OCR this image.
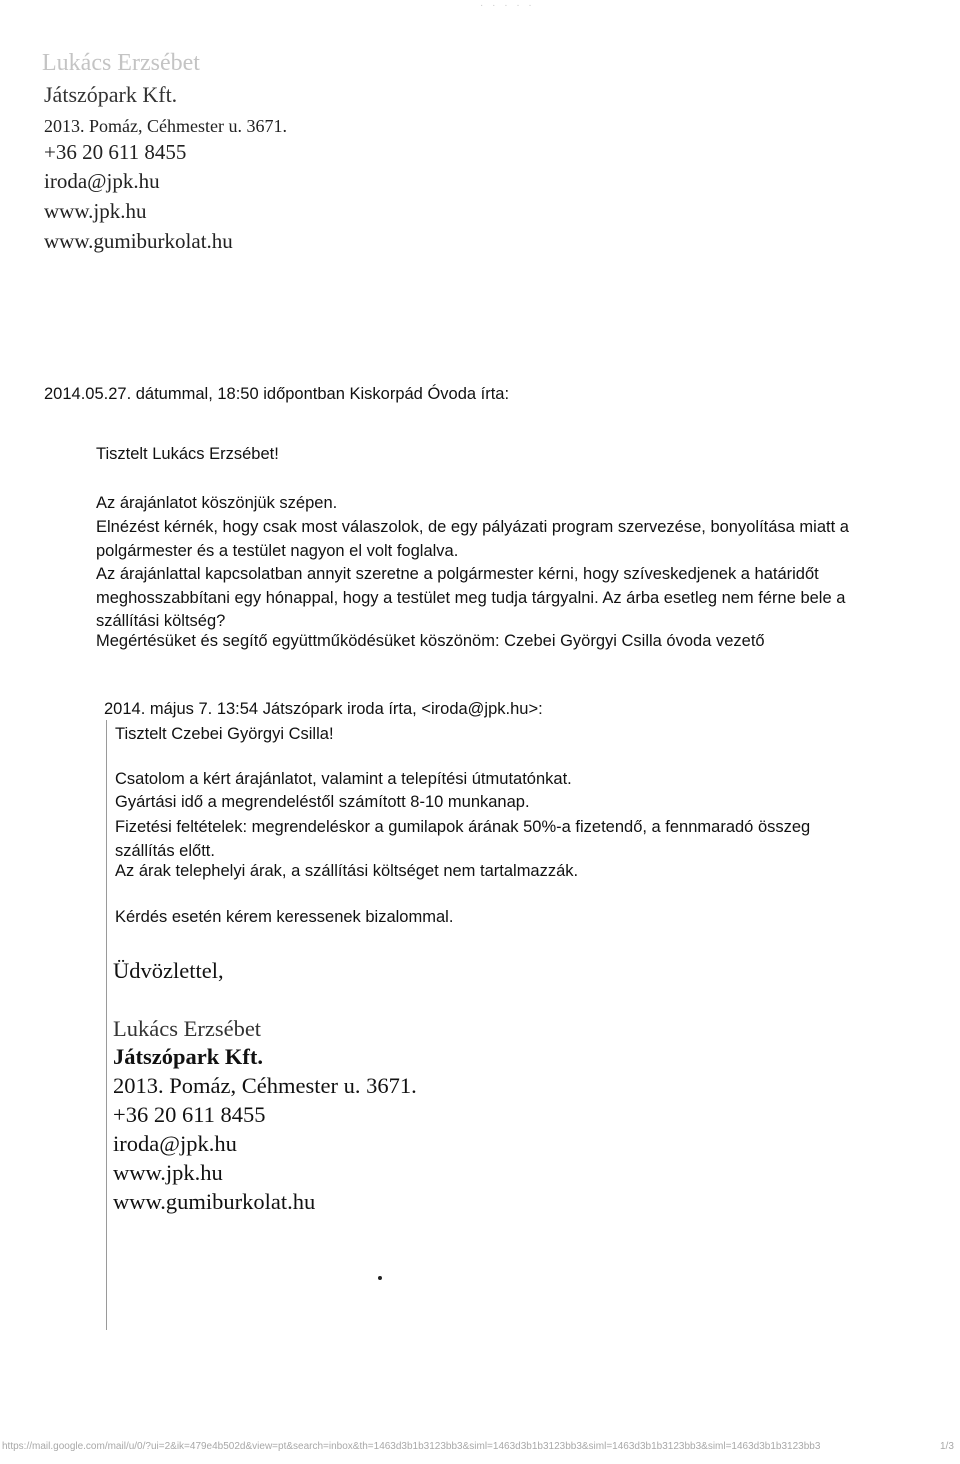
· · · · ·
Lukács Erzsébet
Játszópark Kft.
2013. Pomáz, Céhmester u. 3671.
+36 20 611 8455
iroda@jpk.hu
www.jpk.hu
www.gumiburkolat.hu
2014.05.27. dátummal, 18:50 időpontban Kiskorpád Óvoda írta:
Tisztelt Lukács Erzsébet!
Az árajánlatot köszönjük szépen.
Elnézést kérnék, hogy csak most válaszolok, de egy pályázati program szervezése, bonyolítása miatt a polgármester és a testület nagyon el volt foglalva.
Az árajánlattal kapcsolatban annyit szeretne a polgármester kérni, hogy szíveskedjenek a határidőt meghosszabbítani egy hónappal, hogy a testület meg tudja tárgyalni. Az árba esetleg nem férne bele a szállítási költség?
Megértésüket és segítő együttműködésüket köszönöm: Czebei Györgyi Csilla óvoda vezető
2014. május 7. 13:54 Játszópark iroda írta, <iroda@jpk.hu>:
Tisztelt Czebei Györgyi Csilla!
Csatolom a kért árajánlatot, valamint a telepítési útmutatónkat.
Gyártási idő a megrendeléstől számított 8-10 munkanap.
Fizetési feltételek: megrendeléskor a gumilapok árának 50%-a fizetendő, a fennmaradó összeg szállítás előtt.
Az árak telephelyi árak, a szállítási költséget nem tartalmazzák.
Kérdés esetén kérem keressenek bizalommal.
Üdvözlettel,
Lukács Erzsébet
Játszópark Kft.
2013. Pomáz, Céhmester u. 3671.
+36 20 611 8455
iroda@jpk.hu
www.jpk.hu
www.gumiburkolat.hu
https://mail.google.com/mail/u/0/?ui=2&ik=479e4b502d&view=pt&search=inbox&th=1463d3b1b3123bb3&siml=1463d3b1b3123bb3&siml=1463d3b1b3123bb3&siml=1463d3b1b3123bb3	1/3
